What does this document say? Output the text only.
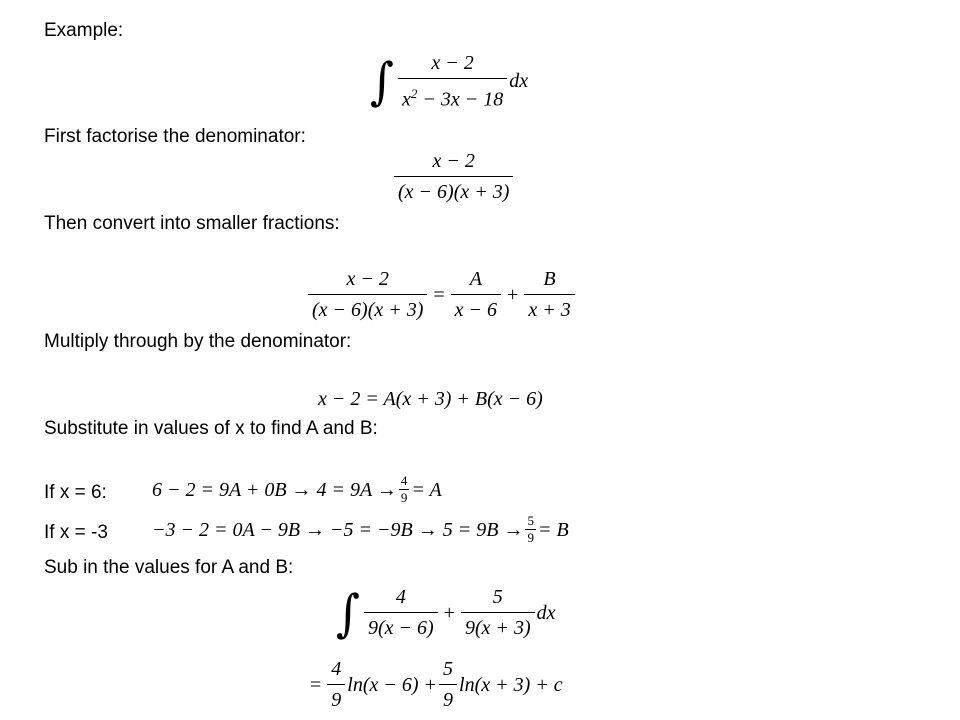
Example:
∫ $\frac{x - 2}{x^2 - 3x - 18}$ dx
First factorise the denominator:
$\frac{x - 2}{(x - 6)(x + 3)}$
Then convert into smaller fractions:
$\frac{x - 2}{(x - 6)(x + 3)} = \frac{A}{x - 6} + \frac{B}{x + 3}$
Multiply through by the denominator:
x − 2 = A(x + 3) + B(x − 6)
Substitute in values of x to find A and B:
If x = 6: $6 - 2 = 9A + 0B \to 4 = 9A \to \frac{4}{9} = A$
If $x = -3 -3 - 2 = 0A - 9B \to -5 = -9B \to 5 = 9B \to \frac{5}{9} = B$
Sub in the values for A and B:
∫ $\frac{4}{9(x - 6)} + \frac{5}{9(x + 3)}$ dx
= $\frac{4}{9} \ln(x - 6) + \frac{5}{9} \ln(x + 3) + c$
